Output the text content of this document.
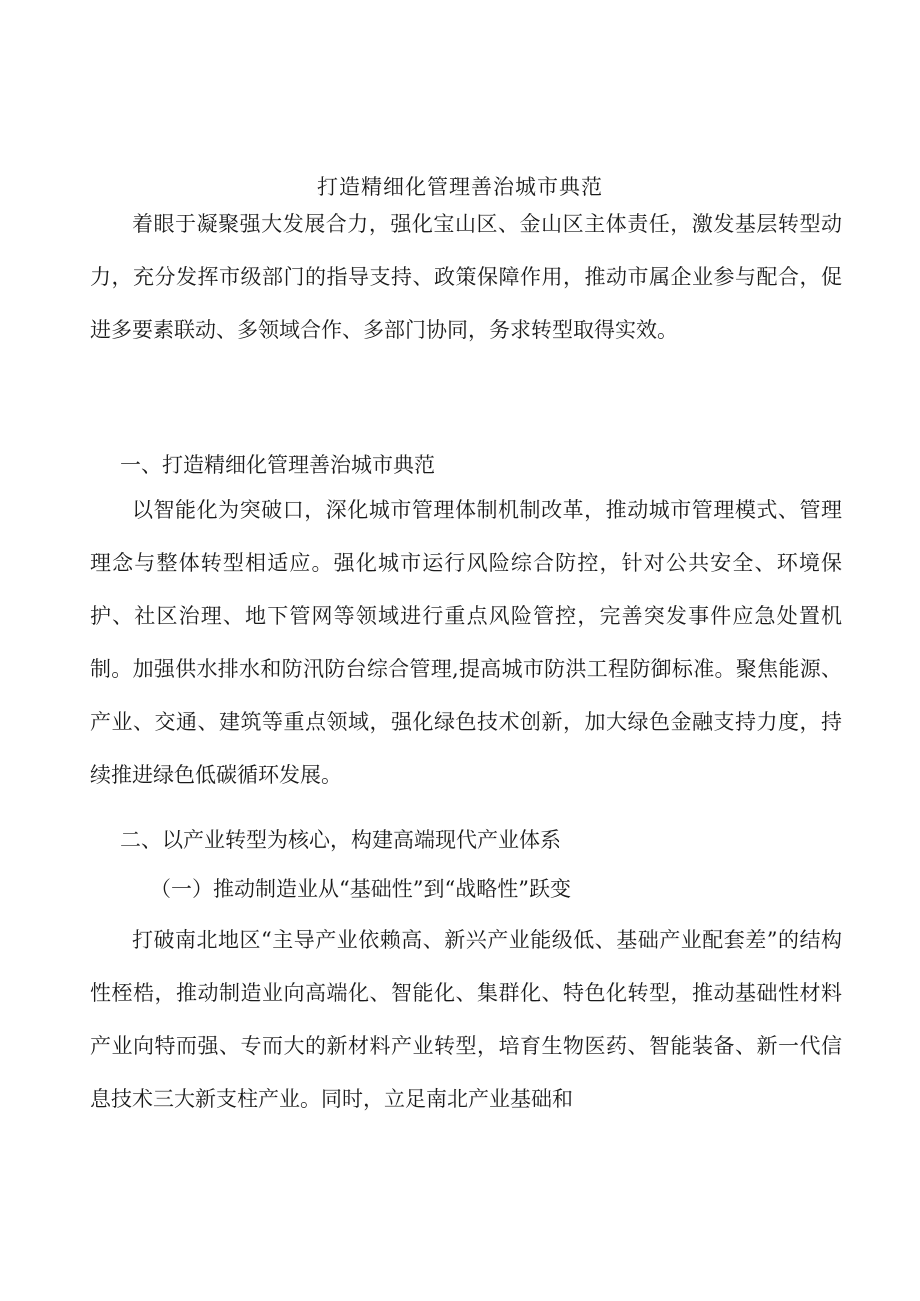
打造精细化管理善治城市典范

着眼于凝聚强大发展合力，强化宝山区、金山区主体责任，激发基层转型动力，充分发挥市级部门的指导支持、政策保障作用，推动市属企业参与配合，促进多要素联动、多领域合作、多部门协同，务求转型取得实效。

一、打造精细化管理善治城市典范

以智能化为突破口，深化城市管理体制机制改革，推动城市管理模式、管理理念与整体转型相适应。强化城市运行风险综合防控，针对公共安全、环境保护、社区治理、地下管网等领域进行重点风险管控，完善突发事件应急处置机制。加强供水排水和防汛防台综合管理,提高城市防洪工程防御标准。聚焦能源、产业、交通、建筑等重点领域，强化绿色技术创新，加大绿色金融支持力度，持续推进绿色低碳循环发展。

二、以产业转型为核心，构建高端现代产业体系
（一）推动制造业从“基础性”到“战略性”跃变

打破南北地区“主导产业依赖高、新兴产业能级低、基础产业配套差”的结构性桎梏，推动制造业向高端化、智能化、集群化、特色化转型，推动基础性材料产业向特而强、专而大的新材料产业转型，培育生物医药、智能装备、新一代信息技术三大新支柱产业。同时，立足南北产业基础和
